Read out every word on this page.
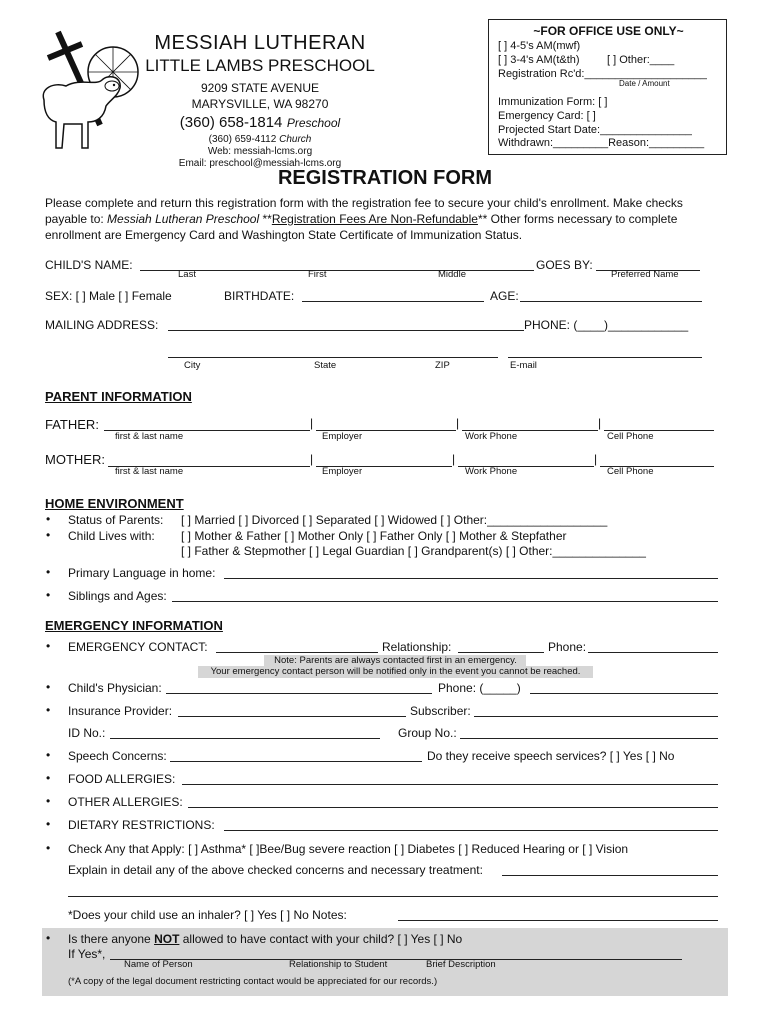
MESSIAH LUTHERAN
LITTLE LAMBS PRESCHOOL
9209 STATE AVENUE
MARYSVILLE, WA 98270
(360) 658-1814 Preschool
(360) 659-4112 Church
Web: messiah-lcms.org
Email: preschool@messiah-lcms.org
~FOR OFFICE USE ONLY~
[ ] 4-5's AM(mwf)
[ ] 3-4's AM(t&th) [ ] Other:____
Registration Rc'd:____________________
Date / Amount
Immunization Form: [ ]
Emergency Card: [ ]
Projected Start Date:_______________
Withdrawn:_________Reason:_________
REGISTRATION FORM
Please complete and return this registration form with the registration fee to secure your child's enrollment. Make checks
payable to: Messiah Lutheran Preschool **Registration Fees Are Non-Refundable** Other forms necessary to complete
enrollment are Emergency Card and Washington State Certificate of Immunization Status.
CHILD'S NAME:	GOES BY:
Last	First	Middle	Preferred Name
SEX: [ ] Male [ ] Female	BIRTHDATE:	AGE:
MAILING ADDRESS:	PHONE: (____)____________
City	State	ZIP	E-mail
PARENT INFORMATION
FATHER:	|	|	|
first & last name	Employer	Work Phone	Cell Phone
MOTHER:	|	|	|
first & last name	Employer	Work Phone	Cell Phone
HOME ENVIRONMENT
• Status of Parents: [ ] Married [ ] Divorced [ ] Separated [ ] Widowed [ ] Other:__________________
• Child Lives with: [ ] Mother & Father [ ] Mother Only [ ] Father Only [ ] Mother & Stepfather
[ ] Father & Stepmother [ ] Legal Guardian [ ] Grandparent(s) [ ] Other:______________
• Primary Language in home:
• Siblings and Ages:
EMERGENCY INFORMATION
• EMERGENCY CONTACT:	Relationship:	Phone:
Note: Parents are always contacted first in an emergency.
Your emergency contact person will be notified only in the event you cannot be reached.
• Child's Physician:	Phone: (_____)
• Insurance Provider:	Subscriber:
ID No.:	Group No.:
• Speech Concerns:	Do they receive speech services? [ ] Yes [ ] No
• FOOD ALLERGIES:
• OTHER ALLERGIES:
• DIETARY RESTRICTIONS:
• Check Any that Apply: [ ] Asthma* [ ]Bee/Bug severe reaction [ ] Diabetes [ ] Reduced Hearing or [ ] Vision
Explain in detail any of the above checked concerns and necessary treatment:
*Does your child use an inhaler? [ ] Yes [ ] No Notes:
• Is there anyone NOT allowed to have contact with your child? [ ] Yes [ ] No
If Yes*,
Name of Person	Relationship to Student	Brief Description
(*A copy of the legal document restricting contact would be appreciated for our records.)
